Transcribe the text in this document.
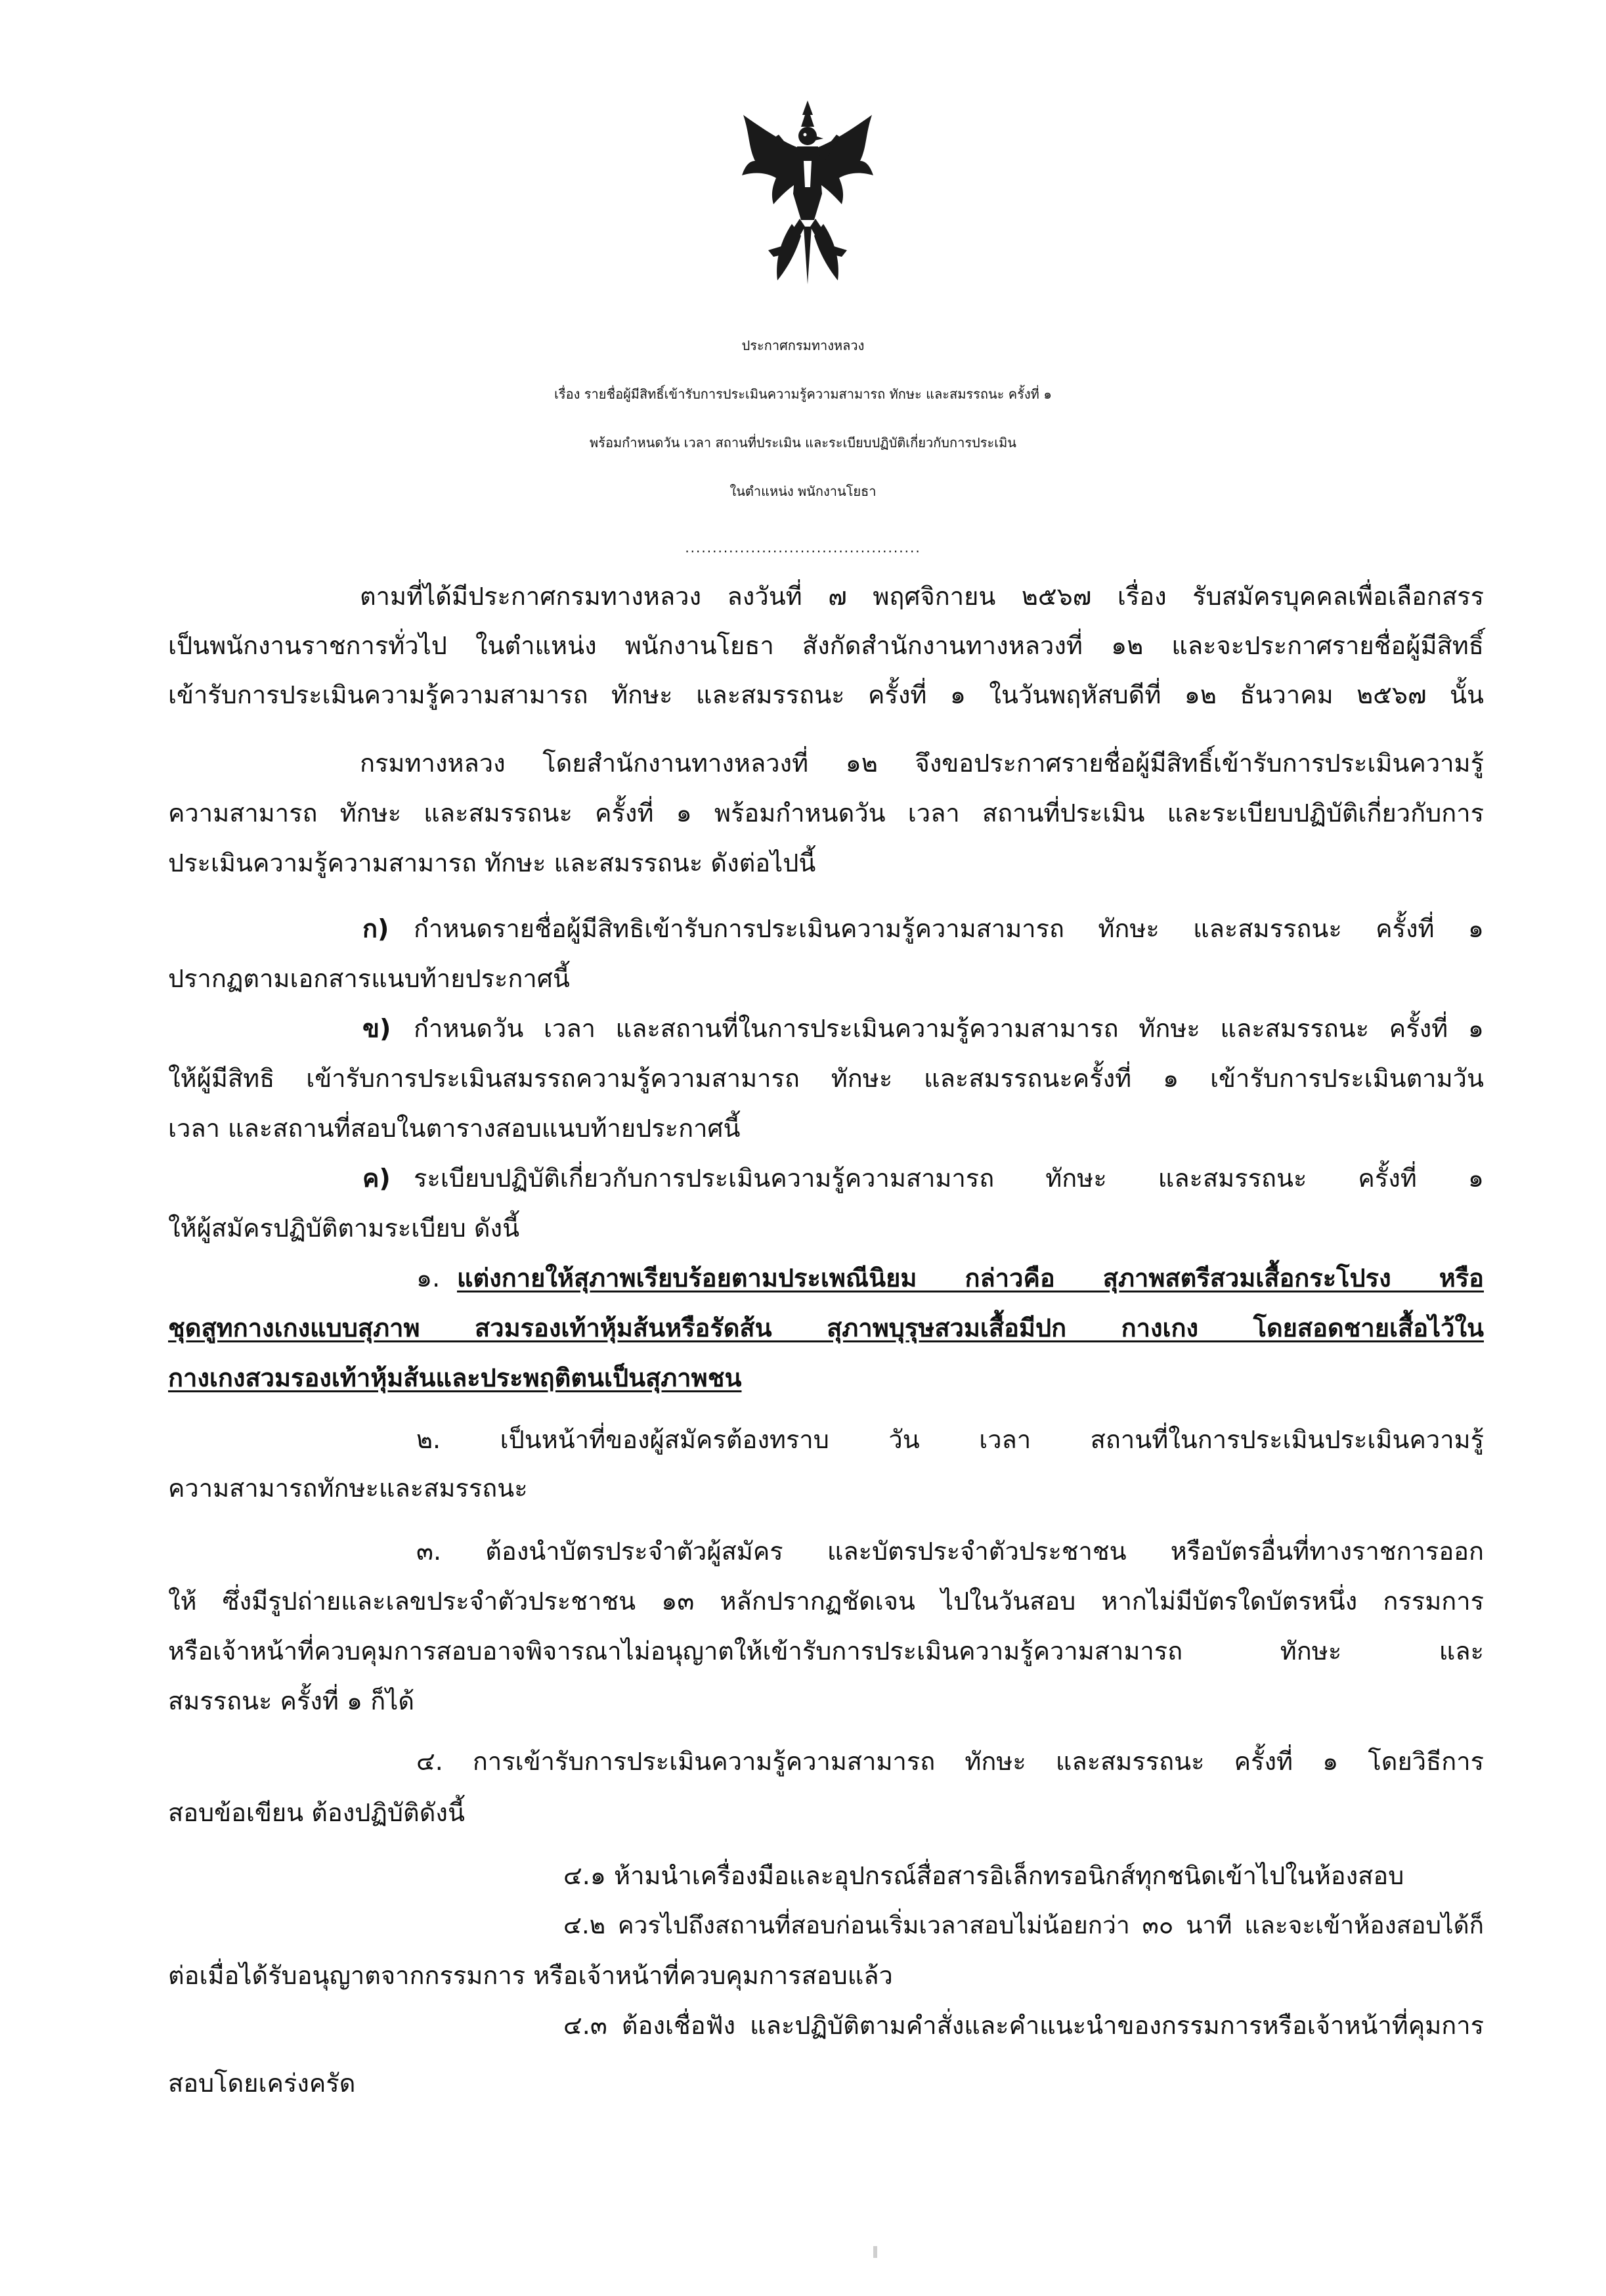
ประกาศกรมทางหลวง
เรื่อง รายชื่อผู้มีสิทธิ์เข้ารับการประเมินความรู้ความสามารถ ทักษะ และสมรรถนะ ครั้งที่ ๑
พร้อมกำหนดวัน เวลา สถานที่ประเมิน และระเบียบปฏิบัติเกี่ยวกับการประเมิน
ในตำแหน่ง พนักงานโยธา
...........................................
ตามที่ได้มีประกาศกรมทางหลวง ลงวันที่ ๗ พฤศจิกายน ๒๕๖๗ เรื่อง รับสมัครบุคคลเพื่อเลือกสรร
เป็นพนักงานราชการทั่วไป ในตำแหน่ง พนักงานโยธา สังกัดสำนักงานทางหลวงที่ ๑๒ และจะประกาศรายชื่อผู้มีสิทธิ์
เข้ารับการประเมินความรู้ความสามารถ ทักษะ และสมรรถนะ ครั้งที่ ๑ ในวันพฤหัสบดีที่ ๑๒ ธันวาคม ๒๕๖๗ นั้น
กรมทางหลวง โดยสำนักงานทางหลวงที่ ๑๒ จึงขอประกาศรายชื่อผู้มีสิทธิ์เข้ารับการประเมินความรู้
ความสามารถ ทักษะ และสมรรถนะ ครั้งที่ ๑ พร้อมกำหนดวัน เวลา สถานที่ประเมิน และระเบียบปฏิบัติเกี่ยวกับการ
ประเมินความรู้ความสามารถ ทักษะ และสมรรถนะ ดังต่อไปนี้
ก) กำหนดรายชื่อผู้มีสิทธิเข้ารับการประเมินความรู้ความสามารถ ทักษะ และสมรรถนะ ครั้งที่ ๑
ปรากฏตามเอกสารแนบท้ายประกาศนี้
ข) กำหนดวัน เวลา และสถานที่ในการประเมินความรู้ความสามารถ ทักษะ และสมรรถนะ ครั้งที่ ๑
ให้ผู้มีสิทธิ เข้ารับการประเมินสมรรถความรู้ความสามารถ ทักษะ และสมรรถนะครั้งที่ ๑ เข้ารับการประเมินตามวัน
เวลา และสถานที่สอบในตารางสอบแนบท้ายประกาศนี้
ค) ระเบียบปฏิบัติเกี่ยวกับการประเมินความรู้ความสามารถ ทักษะ และสมรรถนะ ครั้งที่ ๑
ให้ผู้สมัครปฏิบัติตามระเบียบ ดังนี้
๑. แต่งกายให้สุภาพเรียบร้อยตามประเพณีนิยม กล่าวคือ สุภาพสตรีสวมเสื้อกระโปรง หรือ
ชุดสูทกางเกงแบบสุภาพ สวมรองเท้าหุ้มส้นหรือรัดส้น สุภาพบุรุษสวมเสื้อมีปก กางเกง โดยสอดชายเสื้อไว้ใน
กางเกงสวมรองเท้าหุ้มส้นและประพฤติตนเป็นสุภาพชน
๒. เป็นหน้าที่ของผู้สมัครต้องทราบ วัน เวลา สถานที่ในการประเมินประเมินความรู้
ความสามารถทักษะและสมรรถนะ
๓. ต้องนำบัตรประจำตัวผู้สมัคร และบัตรประจำตัวประชาชน หรือบัตรอื่นที่ทางราชการออก
ให้ ซึ่งมีรูปถ่ายและเลขประจำตัวประชาชน ๑๓ หลักปรากฏชัดเจน ไปในวันสอบ หากไม่มีบัตรใดบัตรหนึ่ง กรรมการ
หรือเจ้าหน้าที่ควบคุมการสอบอาจพิจารณาไม่อนุญาตให้เข้ารับการประเมินความรู้ความสามารถ ทักษะ และ
สมรรถนะ ครั้งที่ ๑ ก็ได้
๔. การเข้ารับการประเมินความรู้ความสามารถ ทักษะ และสมรรถนะ ครั้งที่ ๑ โดยวิธีการ
สอบข้อเขียน ต้องปฏิบัติดังนี้
๔.๑ ห้ามนำเครื่องมือและอุปกรณ์สื่อสารอิเล็กทรอนิกส์ทุกชนิดเข้าไปในห้องสอบ
๔.๒ ควรไปถึงสถานที่สอบก่อนเริ่มเวลาสอบไม่น้อยกว่า ๓๐ นาที และจะเข้าห้องสอบได้ก็
ต่อเมื่อได้รับอนุญาตจากกรรมการ หรือเจ้าหน้าที่ควบคุมการสอบแล้ว
๔.๓ ต้องเชื่อฟัง และปฏิบัติตามคำสั่งและคำแนะนำของกรรมการหรือเจ้าหน้าที่คุมการ
สอบโดยเคร่งครัด
